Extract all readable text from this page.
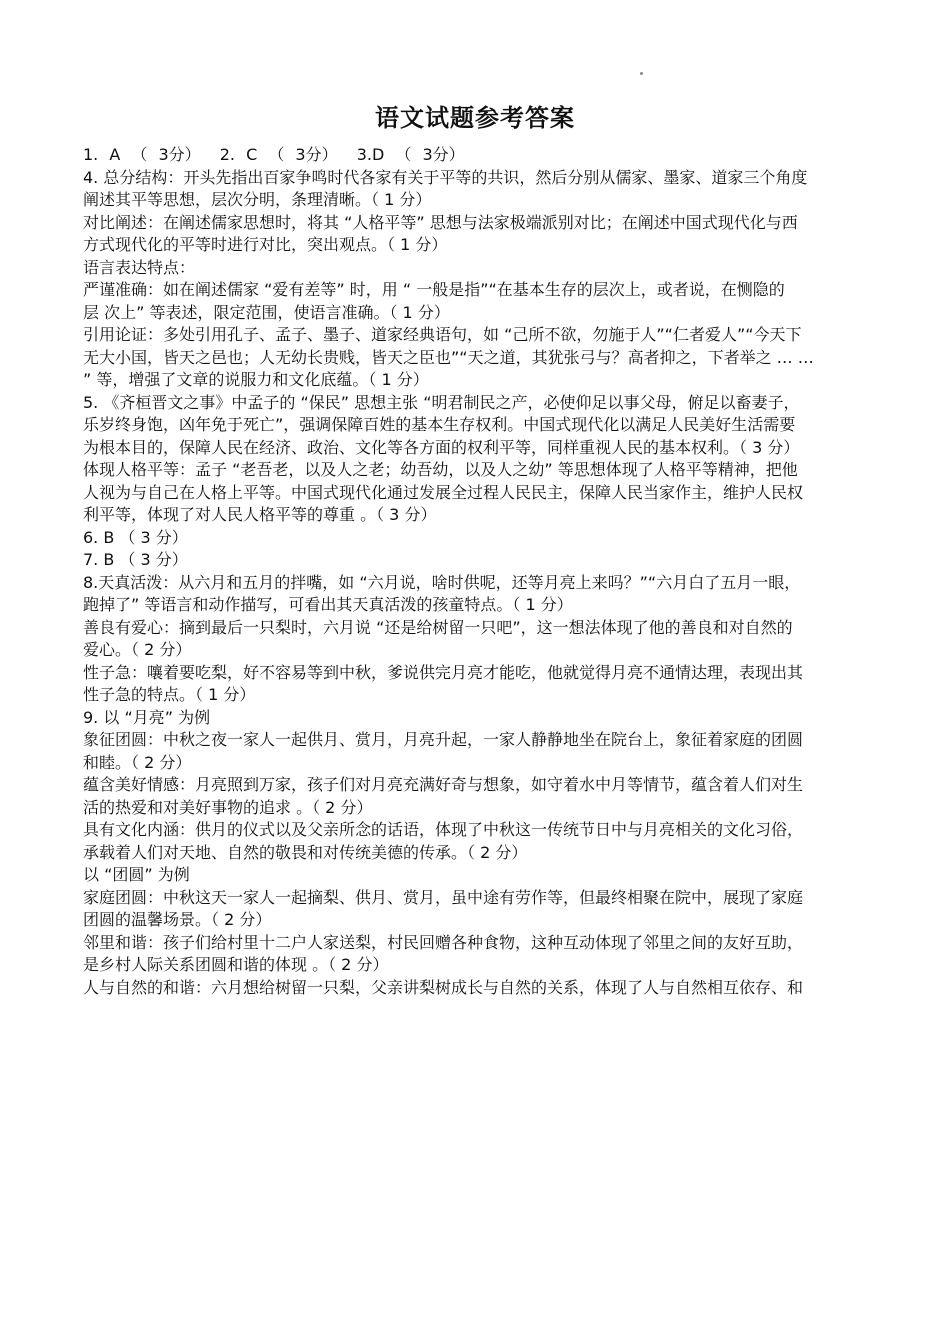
语文试题参考答案
1. A （ 3分）　 2. C （ 3分）　 3.D （ 3分）
4. 总分结构：开头先指出百家争鸣时代各家有关于平等的共识，然后分别从儒家、墨家、道家三个角度
阐述其平等思想，层次分明，条理清晰。（ 1 分）
对比阐述：在阐述儒家思想时，将其 “人格平等” 思想与法家极端派别对比；在阐述中国式现代化与西
方式现代化的平等时进行对比，突出观点。（ 1 分）
语言表达特点：
严谨准确：如在阐述儒家 “爱有差等” 时，用 “ 一般是指”“在基本生存的层次上，或者说，在恻隐的
层 次上” 等表述，限定范围，使语言准确。（ 1 分）
引用论证：多处引用孔子、孟子、墨子、道家经典语句，如 “己所不欲，勿施于人”“仁者爱人”“今天下
无大小国，皆天之邑也；人无幼长贵贱，皆天之臣也”“天之道，其犹张弓与？高者抑之，下者举之 … …
” 等，增强了文章的说服力和文化底蕴。（ 1 分）
5. 《齐桓晋文之事》中孟子的 “保民” 思想主张 “明君制民之产，必使仰足以事父母，俯足以畜妻子，
乐岁终身饱，凶年免于死亡”，强调保障百姓的基本生存权利。中国式现代化以满足人民美好生活需要
为根本目的，保障人民在经济、政治、文化等各方面的权利平等，同样重视人民的基本权利。（ 3 分）
体现人格平等：孟子 “老吾老，以及人之老；幼吾幼，以及人之幼” 等思想体现了人格平等精神，把他
人视为与自己在人格上平等。中国式现代化通过发展全过程人民民主，保障人民当家作主，维护人民权
利平等，体现了对人民人格平等的尊重 。（ 3 分）
6. B （ 3 分）
7. B （ 3 分）
8.天真活泼：从六月和五月的拌嘴，如 “六月说，啥时供呢，还等月亮上来吗？”“六月白了五月一眼，
跑掉了” 等语言和动作描写，可看出其天真活泼的孩童特点。（ 1 分）
善良有爱心：摘到最后一只梨时，六月说 “还是给树留一只吧”，这一想法体现了他的善良和对自然的
爱心。（ 2 分）
性子急：嚷着要吃梨，好不容易等到中秋，爹说供完月亮才能吃，他就觉得月亮不通情达理，表现出其
性子急的特点。（ 1 分）
9. 以 “月亮” 为例
象征团圆：中秋之夜一家人一起供月、赏月，月亮升起，一家人静静地坐在院台上，象征着家庭的团圆
和睦。（ 2 分）
蕴含美好情感：月亮照到万家，孩子们对月亮充满好奇与想象，如守着水中月等情节，蕴含着人们对生
活的热爱和对美好事物的追求 。（ 2 分）
具有文化内涵：供月的仪式以及父亲所念的话语，体现了中秋这一传统节日中与月亮相关的文化习俗，
承载着人们对天地、自然的敬畏和对传统美德的传承。（ 2 分）
以 “团圆” 为例
家庭团圆：中秋这天一家人一起摘梨、供月、赏月，虽中途有劳作等，但最终相聚在院中，展现了家庭
团圆的温馨场景。（ 2 分）
邻里和谐：孩子们给村里十二户人家送梨，村民回赠各种食物，这种互动体现了邻里之间的友好互助，
是乡村人际关系团圆和谐的体现 。（ 2 分）
人与自然的和谐：六月想给树留一只梨，父亲讲梨树成长与自然的关系，体现了人与自然相互依存、和
